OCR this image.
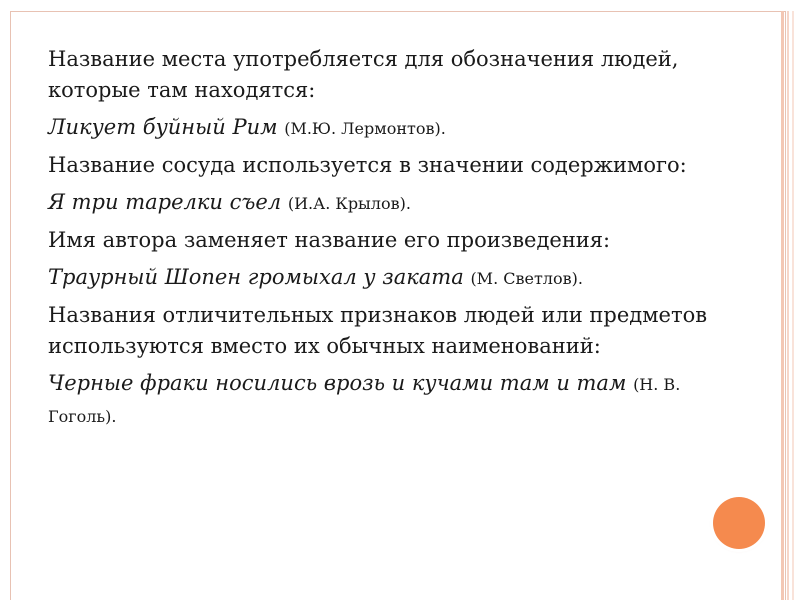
Название места употребляется для обозначения людей, которые там находятся:

Ликует буйный Рим (М.Ю. Лермонтов).

Название сосуда используется в значении содержимого:

Я три тарелки съел (И.А. Крылов).

Имя автора заменяет название его произведения:

Траурный Шопен громыхал у заката (М. Светлов).

Названия отличительных признаков людей или предметов используются вместо их обычных наименований:

Черные фраки носились врозь и кучами там и там (Н. В. Гоголь).
